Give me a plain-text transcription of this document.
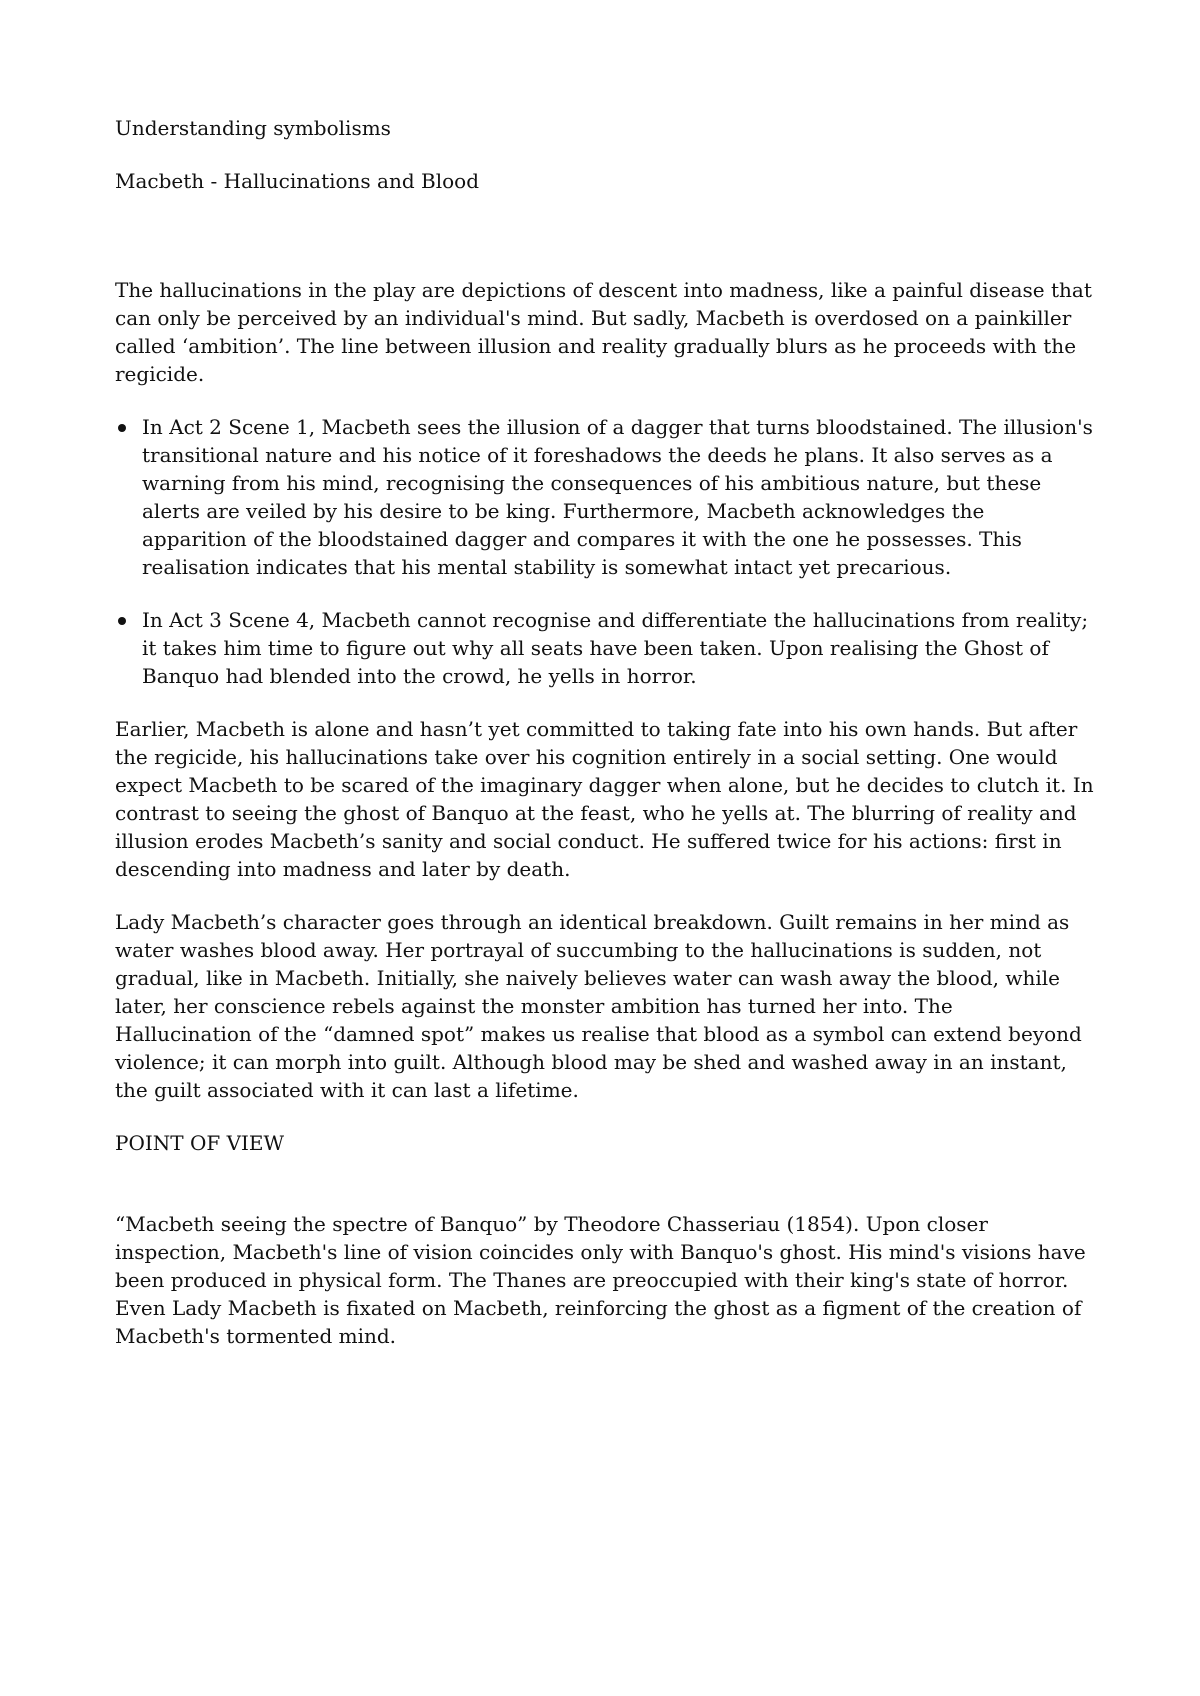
Understanding symbolisms

Macbeth - Hallucinations and Blood

The hallucinations in the play are depictions of descent into madness, like a painful disease that can only be perceived by an individual's mind. But sadly, Macbeth is overdosed on a painkiller called ‘ambition’. The line between illusion and reality gradually blurs as he proceeds with the regicide.

In Act 2 Scene 1, Macbeth sees the illusion of a dagger that turns bloodstained. The illusion's transitional nature and his notice of it foreshadows the deeds he plans. It also serves as a warning from his mind, recognising the consequences of his ambitious nature, but these alerts are veiled by his desire to be king. Furthermore, Macbeth acknowledges the apparition of the bloodstained dagger and compares it with the one he possesses. This realisation indicates that his mental stability is somewhat intact yet precarious.
In Act 3 Scene 4, Macbeth cannot recognise and differentiate the hallucinations from reality; it takes him time to figure out why all seats have been taken. Upon realising the Ghost of Banquo had blended into the crowd, he yells in horror.

Earlier, Macbeth is alone and hasn’t yet committed to taking fate into his own hands. But after the regicide, his hallucinations take over his cognition entirely in a social setting. One would expect Macbeth to be scared of the imaginary dagger when alone, but he decides to clutch it. In contrast to seeing the ghost of Banquo at the feast, who he yells at. The blurring of reality and illusion erodes Macbeth’s sanity and social conduct. He suffered twice for his actions: first in descending into madness and later by death.

Lady Macbeth’s character goes through an identical breakdown. Guilt remains in her mind as water washes blood away. Her portrayal of succumbing to the hallucinations is sudden, not gradual, like in Macbeth. Initially, she naively believes water can wash away the blood, while later, her conscience rebels against the monster ambition has turned her into. The Hallucination of the “damned spot” makes us realise that blood as a symbol can extend beyond violence; it can morph into guilt. Although blood may be shed and washed away in an instant, the guilt associated with it can last a lifetime.

POINT OF VIEW

“Macbeth seeing the spectre of Banquo” by Theodore Chasseriau (1854). Upon closer inspection, Macbeth's line of vision coincides only with Banquo's ghost. His mind's visions have been produced in physical form. The Thanes are preoccupied with their king's state of horror. Even Lady Macbeth is fixated on Macbeth, reinforcing the ghost as a figment of the creation of Macbeth's tormented mind.
